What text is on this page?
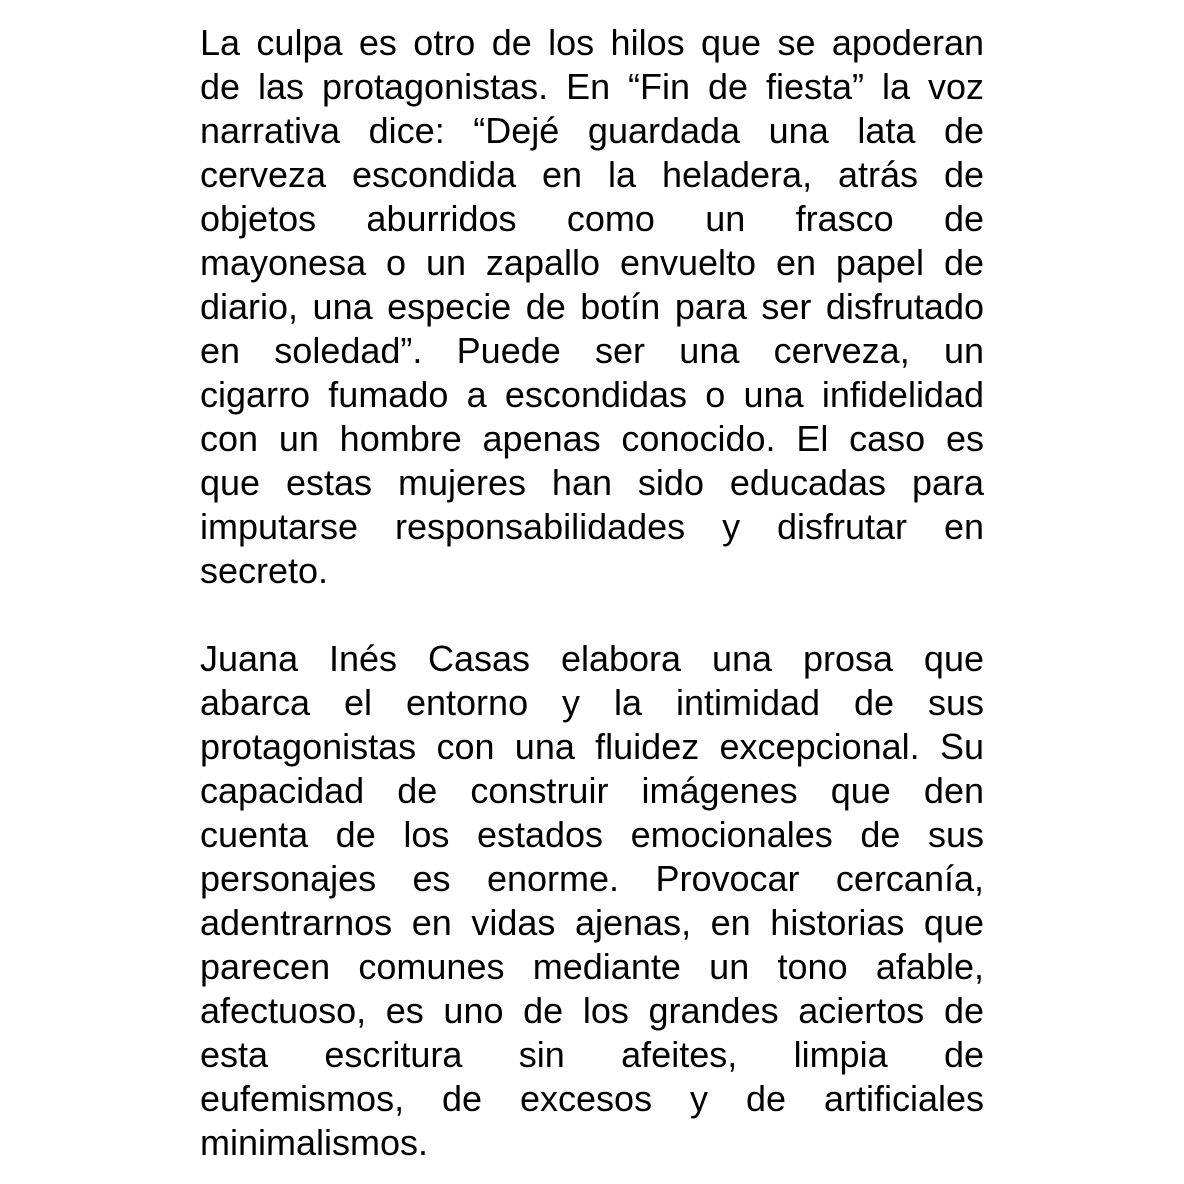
La culpa es otro de los hilos que se apoderan
de las protagonistas. En “Fin de fiesta” la voz
narrativa dice: “Dejé guardada una lata de
cerveza escondida en la heladera, atrás de
objetos aburridos como un frasco de
mayonesa o un zapallo envuelto en papel de
diario, una especie de botín para ser disfrutado
en soledad”. Puede ser una cerveza, un
cigarro fumado a escondidas o una infidelidad
con un hombre apenas conocido. El caso es
que estas mujeres han sido educadas para
imputarse responsabilidades y disfrutar en
secreto.
Juana Inés Casas elabora una prosa que
abarca el entorno y la intimidad de sus
protagonistas con una fluidez excepcional. Su
capacidad de construir imágenes que den
cuenta de los estados emocionales de sus
personajes es enorme. Provocar cercanía,
adentrarnos en vidas ajenas, en historias que
parecen comunes mediante un tono afable,
afectuoso, es uno de los grandes aciertos de
esta escritura sin afeites, limpia de
eufemismos, de excesos y de artificiales
minimalismos.
